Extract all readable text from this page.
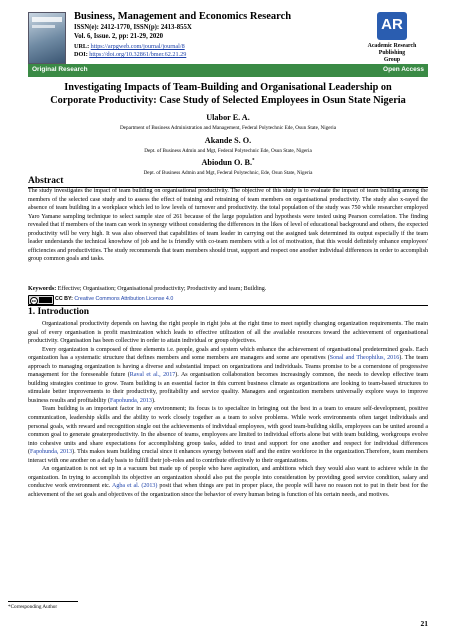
Business, Management and Economics Research
ISSN(e): 2412-1770, ISSN(p): 2413-855X
Vol. 6, Issue. 2, pp: 21-29, 2020
URL: https://arpgweb.com/journal/journal/8
DOI: https://doi.org/10.32861/bmer.62.21.29
AR
Academic Research Publishing
Group
Original Research	Open Access
Investigating Impacts of Team-Building and Organisational Leadership on
Corporate Productivity: Case Study of Selected Employees in Osun State Nigeria
Ulabor E. A.
Department of Business Administration and Management, Federal Polytechnic Ede, Osun State, Nigeria
Akande S. O.
Dept. of Business Admin and Mgt, Federal Polytechnic Ede, Osun State, Nigeria
Abiodun O. B.*
Dept. of Business Admin and Mgt, Federal Polytechnic, Ede, Osun State, Nigeria
Abstract

The study investigates the impact of team building on organisational productivity. The objective of this study is to evaluate the impact of team building among the members of the selected case study and to assess the effect of training and retraining of team members on organisational productivity. The study also x-rayed the absence of team building in a workplace which led to low levels of turnover and productivity. the total population of the study was 750 while researcher employed Yaro Yamane sampling technique to select sample size of 261 because of the large population and hypothesis were tested using Pearson correlation. The finding revealed that if members of the team can work in synergy without considering the differences in the likes of level of educational background and others, the expected productivity will be very high. It was also observed that capabilities of team leader in carrying out the assigned task determined its output especially if the team leader understands the technical knowhow of job and he is friendly with co-team members with a lot of motivation, that this would definitely enhance employees' efficiencies and productivities. The study recommends that team members should trust, support and respect one another individual differences in order to accomplish group common goals and tasks.

Keywords: Effective; Organisation; Organisational productivity; Productivity and team; Building.
cc	CC BY: Creative Commons Attribution License 4.0
1. Introduction

Organizational productivity depends on having the right people in right jobs at the right time to meet rapidly changing organization requirements. The main goal of every organisation is profit maximization which leads to effective utilization of all the available resources toward the achievement of organisational productivity. Organisation has been collective in order to attain individual or group objectives.

Every organization is composed of three elements i.e. people, goals and system which enhance the achievement of organisational predetermined goals. Each organization has a systematic structure that defines members and some members are managers and some are operatives (Sonal and Theophilus, 2016). The team approach to managing organization is having a diverse and substantial impact on organizations and individuals. Teams promise to be a cornerstone of progressive management for the foreseeable future (Raval et al., 2017). As organisation collaboration becomes increasingly common, the needs to develop effective team building strategies continue to grow. Team building is an essential factor in this current business climate as organizations are looking to team-based structures to stimulate better improvements to their productivity, profitability and service quality. Managers and organization members universally explore ways to improve business results and profitability (Fapohunda, 2013).

Team building is an important factor in any environment; its focus is to specialize in bringing out the best in a team to ensure self-development, positive communication, leadership skills and the ability to work closely together as a team to solve problems. While work environments often target individuals and personal goals, with reward and recognition single out the achievements of individual employees, with good team-building skills, employees can be united around a common goal to generate greaterproductivity. In the absence of teams, employees are limited to individual efforts alone but with team building, workgroups evolve into cohesive units and share expectations for accomplishing group tasks, added to trust and support for one another and respect for individual differences (Fapohunda, 2013). This makes team building crucial since it enhances synergy between staff and the entire workforce in the organization.Therefore, team members interact with one another on a daily basis to fulfill their job-roles and to contribute effectively to their organizations.

An organization is not set up in a vacuum but made up of people who have aspiration, and ambitions which they would also want to achieve while in the organization. In trying to accomplish its objective an organization should also put the people into consideration by providing good service condition, salary and conducive work environment etc. Agba et al. (2013) posit that when things are put in proper place, the people will have no reason not to put in their best for the achievement of the set goals and objectives of the organization since the behavior of every human being is function of his certain needs, and motives.

*Corresponding Author
21
